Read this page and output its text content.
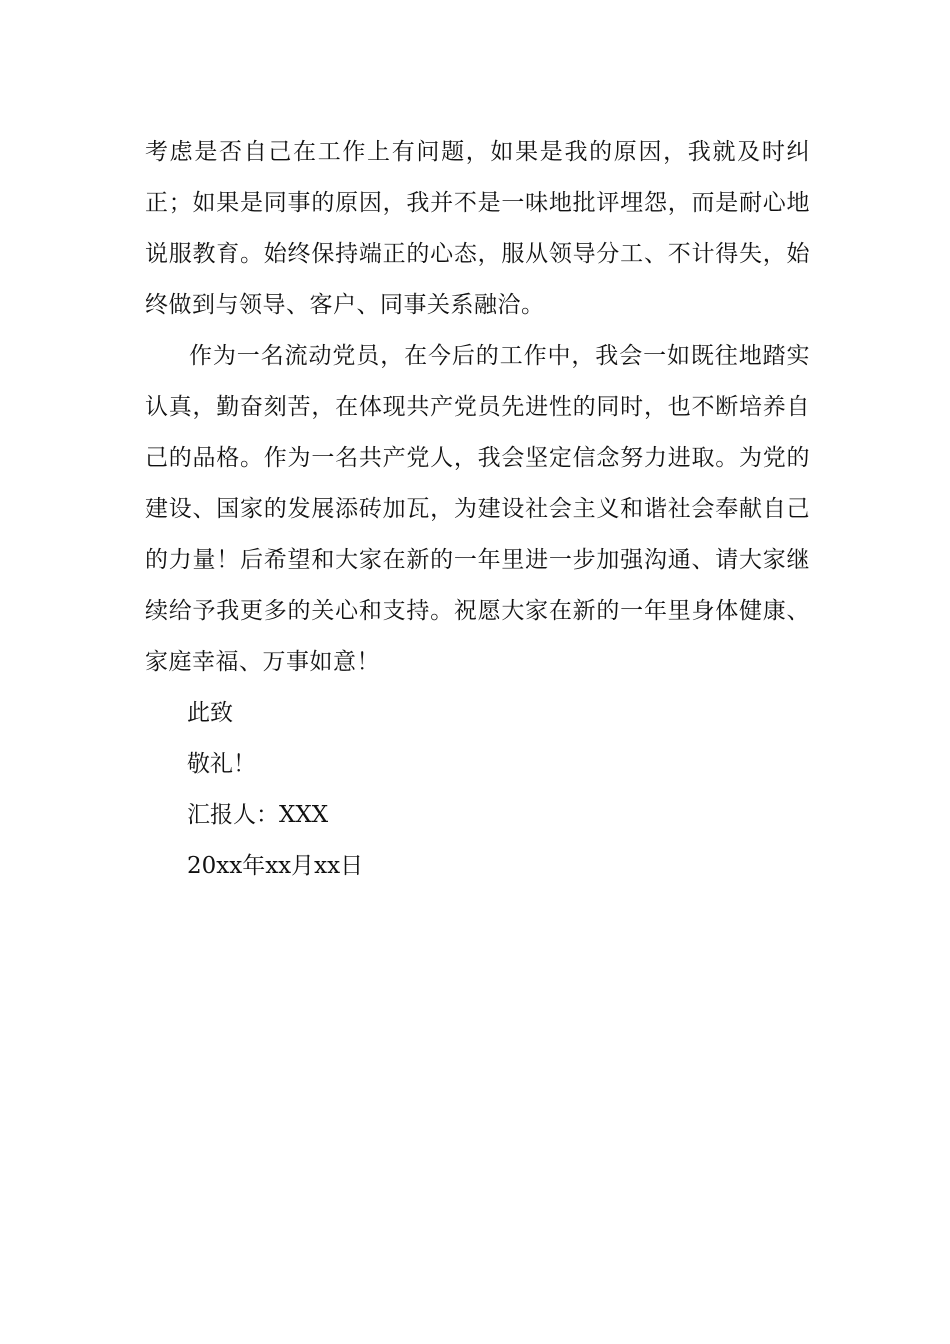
考虑是否自己在工作上有问题，如果是我的原因，我就及时纠正；如果是同事的原因，我并不是一味地批评埋怨，而是耐心地说服教育。始终保持端正的心态，服从领导分工、不计得失，始终做到与领导、客户、同事关系融洽。

作为一名流动党员，在今后的工作中，我会一如既往地踏实认真，勤奋刻苦，在体现共产党员先进性的同时，也不断培养自己的品格。作为一名共产党人，我会坚定信念努力进取。为党的建设、国家的发展添砖加瓦，为建设社会主义和谐社会奉献自己的力量！后希望和大家在新的一年里进一步加强沟通、请大家继续给予我更多的关心和支持。祝愿大家在新的一年里身体健康、家庭幸福、万事如意！

此致

敬礼！

汇报人：XXX

20xx年xx月xx日
